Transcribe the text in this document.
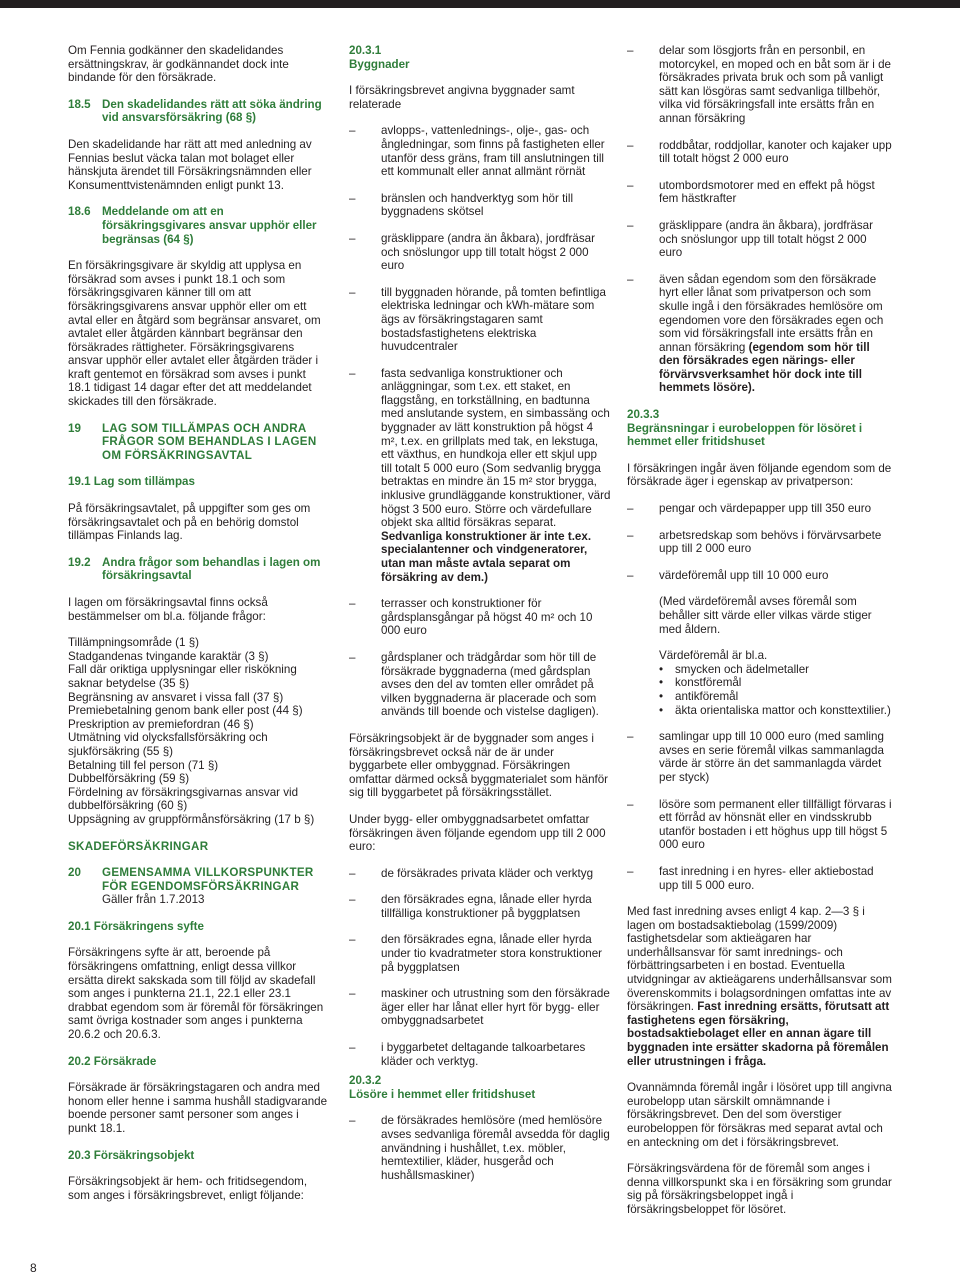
Om Fennia godkänner den skadelidandes ersättningskrav, är godkännandet dock inte bindande för den försäkrade.

18.5 Den skadelidandes rätt att söka ändring vid ansvarsförsäkring (68 §)

Den skadelidande har rätt att med anledning av Fennias beslut väcka talan mot bolaget eller hänskjuta ärendet till Försäkringsnämnden eller Konsumenttvistenämnden enligt punkt 13.

18.6 Meddelande om att en försäkringsgivares ansvar upphör eller begränsas (64 §)

En försäkringsgivare är skyldig att upplysa en försäkrad som avses i punkt 18.1 och som försäkringsgivaren känner till om att försäkringsgivarens ansvar upphör eller om ett avtal eller en åtgärd som begränsar ansvaret, om avtalet eller åtgärden kännbart begränsar den försäkrades rättigheter. Försäkringsgivarens ansvar upphör eller avtalet eller åtgärden träder i kraft gentemot en försäkrad som avses i punkt 18.1 tidigast 14 dagar efter det att meddelandet skickades till den försäkrade.

19	LAG SOM TILLÄMPAS OCH ANDRA FRÅGOR SOM BEHANDLAS I LAGEN OM FÖRSÄKRINGSAVTAL

19.1 Lag som tillämpas

På försäkringsavtalet, på uppgifter som ges om försäkringsavtalet och på en behörig domstol tillämpas Finlands lag.

19.2 Andra frågor som behandlas i lagen om försäkringsavtal

I lagen om försäkringsavtal finns också bestämmelser om bl.a. följande frågor:

Tillämpningsområde (1 §)

Stadgandenas tvingande karaktär (3 §)

Fall där oriktiga upplysningar eller riskökning saknar betydelse (35 §)

Begränsning av ansvaret i vissa fall (37 §)

Premiebetalning genom bank eller post (44 §)

Preskription av premiefordran (46 §)

Utmätning vid olycksfallsförsäkring och sjukförsäkring (55 §)

Betalning till fel person (71 §)

Dubbelförsäkring (59 §)

Fördelning av försäkringsgivarnas ansvar vid dubbelförsäkring (60 §)

Uppsägning av gruppförmånsförsäkring (17 b §)

SKADEFÖRSÄKRINGAR

20	GEMENSAMMA VILLKORSPUNKTER FÖR EGENDOMSFÖRSÄKRINGAR

Gäller från 1.7.2013

20.1 Försäkringens syfte

Försäkringens syfte är att, beroende på försäkringens omfattning, enligt dessa villkor ersätta direkt sakskada som till följd av skadefall som anges i punkterna 21.1, 22.1 eller 23.1 drabbat egendom som är föremål för försäkringen samt övriga kostnader som anges i punkterna 20.6.2 och 20.6.3.

20.2 Försäkrade

Försäkrade är försäkringstagaren och andra med honom eller henne i samma hushåll stadigvarande boende personer samt personer som anges i punkt 18.1.

20.3 Försäkringsobjekt

Försäkringsobjekt är hem- och fritidsegendom, som anges i försäkringsbrevet, enligt följande:

20.3.1
Byggnader

I försäkringsbrevet angivna byggnader samt relaterade

–	avlopps-, vattenlednings-, olje-, gas- och ångledningar, som finns på fastigheten eller utanför dess gräns, fram till anslutningen till ett kommunalt eller annat allmänt rörnät
–	bränslen och handverktyg som hör till byggnadens skötsel
–	gräsklippare (andra än åkbara), jordfräsar och snöslungor upp till totalt högst 2 000 euro
–	till byggnaden hörande, på tomten befintliga elektriska ledningar och kWh-mätare som ägs av försäkringstagaren samt bostadsfastighetens elektriska huvudcentraler
–	fasta sedvanliga konstruktioner och anläggningar, som t.ex. ett staket, en flaggstång, en torkställning, en badtunna med anslutande system, en simbassäng och byggnader av lätt konstruktion på högst 4 m², t.ex. en grillplats med tak, en lekstuga, ett växthus, en hundkoja eller ett skjul upp till totalt 5 000 euro (Som sedvanlig brygga betraktas en mindre än 15 m² stor brygga, inklusive grundläggande konstruktioner, värd högst 3 500 euro. Större och värdefullare objekt ska alltid försäkras separat. Sedvanliga konstruktioner är inte t.ex. specialantenner och vindgeneratorer, utan man måste avtala separat om försäkring av dem.)
–	terrasser och konstruktioner för gårdsplansgångar på högst 40 m² och 10 000 euro
–	gårdsplaner och trädgårdar som hör till de försäkrade byggnaderna (med gårdsplan avses den del av tomten eller området på vilken byggnaderna är placerade och som används till boende och vistelse dagligen).

Försäkringsobjekt är de byggnader som anges i försäkringsbrevet också när de är under byggarbete eller ombyggnad. Försäkringen omfattar därmed också byggmaterialet som hänför sig till byggarbetet på försäkringsstället.

Under bygg- eller ombyggnadsarbetet omfattar försäkringen även följande egendom upp till 2 000 euro:

–	de försäkrades privata kläder och verktyg
–	den försäkrades egna, lånade eller hyrda tillfälliga konstruktioner på byggplatsen
–	den försäkrades egna, lånade eller hyrda under tio kvadratmeter stora konstruktioner på byggplatsen
–	maskiner och utrustning som den försäkrade äger eller har lånat eller hyrt för bygg- eller ombyggnadsarbetet
–	i byggarbetet deltagande talkoarbetares kläder och verktyg.

20.3.2
Lösöre i hemmet eller fritidshuset

–	de försäkrades hemlösöre (med hemlösöre avses sedvanliga föremål avsedda för daglig användning i hushållet, t.ex. möbler, hemtextilier, kläder, husgeråd och hushållsmaskiner)
–	delar som lösgjorts från en personbil, en motorcykel, en moped och en båt som är i de försäkrades privata bruk och som på vanligt sätt kan lösgöras samt sedvanliga tillbehör, vilka vid försäkringsfall inte ersätts från en annan försäkring
–	roddbåtar, roddjollar, kanoter och kajaker upp till totalt högst 2 000 euro
–	utombordsmotorer med en effekt på högst fem hästkrafter
–	gräsklippare (andra än åkbara), jordfräsar och snöslungor upp till totalt högst 2 000 euro
–	även sådan egendom som den försäkrade hyrt eller lånat som privatperson och som skulle ingå i den försäkrades hemlösöre om egendomen vore den försäkrades egen och som vid försäkringsfall inte ersätts från en annan försäkring (egendom som hör till den försäkrades egen närings- eller förvärvsverksamhet hör dock inte till hemmets lösöre).

20.3.3
Begränsningar i eurobeloppen för lösöret i hemmet eller fritidshuset

I försäkringen ingår även följande egendom som de försäkrade äger i egenskap av privatperson:

–	pengar och värdepapper upp till 350 euro
–	arbetsredskap som behövs i förvärvsarbete upp till 2 000 euro
–	värdeföremål upp till 10 000 euro

(Med värdeföremål avses föremål som behåller sitt värde eller vilkas värde stiger med åldern.

Värdeföremål är bl.a.

•	smycken och ädelmetaller
•	konstföremål
•	antikföremål
•	äkta orientaliska mattor och konsttextilier.)
–	samlingar upp till 10 000 euro (med samling avses en serie föremål vilkas sammanlagda värde är större än det sammanlagda värdet per styck)
–	lösöre som permanent eller tillfälligt förvaras i ett förråd av hönsnät eller en vindsskrubb utanför bostaden i ett höghus upp till högst 5 000 euro
–	fast inredning i en hyres- eller aktiebostad upp till 5 000 euro.

Med fast inredning avses enligt 4 kap. 2—3 § i lagen om bostadsaktiebolag (1599/2009) fastighetsdelar som aktieägaren har underhållsansvar för samt inrednings- och förbättringsarbeten i en bostad. Eventuella utvidgningar av aktieägarens underhållsansvar som överenskommits i bolagsordningen omfattas inte av försäkringen. Fast inredning ersätts, förutsatt att fastighetens egen försäkring, bostadsaktiebolaget eller en annan ägare till byggnaden inte ersätter skadorna på föremålen eller utrustningen i fråga.

Ovannämnda föremål ingår i lösöret upp till angivna eurobelopp utan särskilt omnämnande i försäkringsbrevet. Den del som överstiger eurobeloppen för försäkras med separat avtal och en anteckning om det i försäkringsbrevet.

Försäkringsvärdena för de föremål som anges i denna villkorspunkt ska i en försäkring som grundar sig på försäkringsbeloppet ingå i försäkringsbeloppet för lösöret.

8
